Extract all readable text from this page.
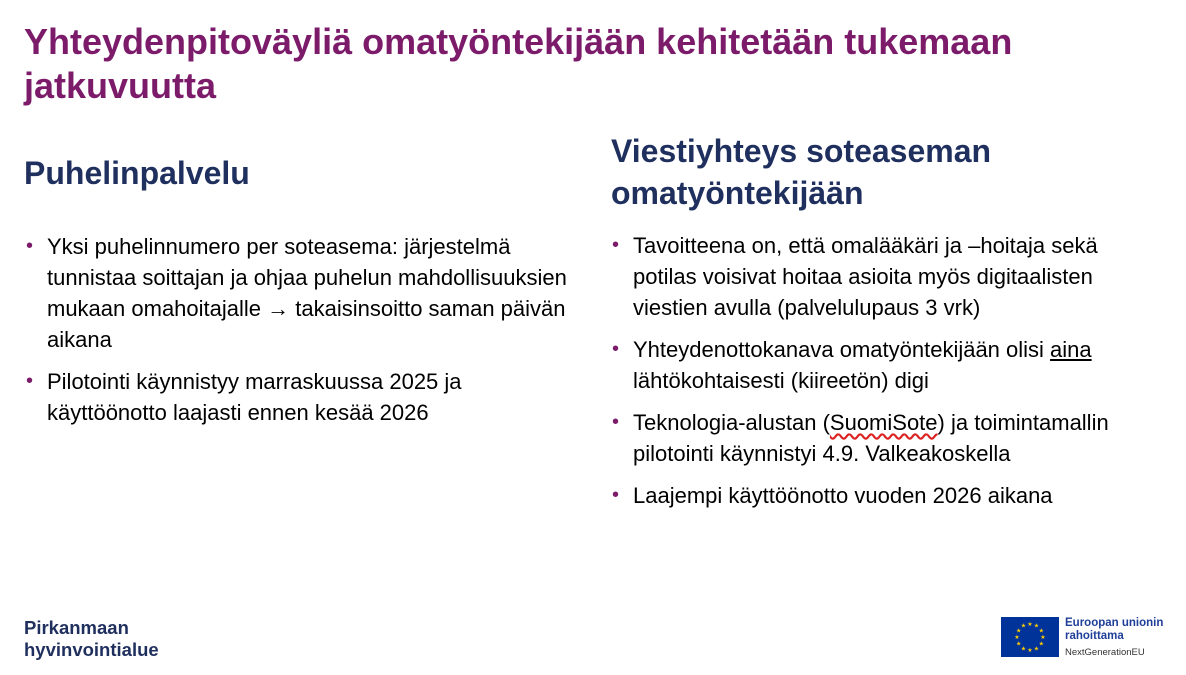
Yhteydenpitoväyliä omatyöntekijään kehitetään tukemaan jatkuvuutta
Puhelinpalvelu
• Yksi puhelinnumero per soteasema: järjestelmä tunnistaa soittajan ja ohjaa puhelun mahdollisuuksien mukaan omahoitajalle → takaisinsoitto saman päivän aikana
• Pilotointi käynnistyy marraskuussa 2025 ja käyttöönotto laajasti ennen kesää 2026
Viestiyhteys soteaseman omatyöntekijään
• Tavoitteena on, että omalääkäri ja –hoitaja sekä potilas voisivat hoitaa asioita myös digitaalisten viestien avulla (palvelulupaus 3 vrk)
• Yhteydenottokanava omatyöntekijään olisi aina lähtökohtaisesti (kiireetön) digi
• Teknologia-alustan (SuomiSote) ja toimintamallin pilotointi käynnistyi 4.9. Valkeakoskella
• Laajempi käyttöönotto vuoden 2026 aikana
Pirkanmaan
hyvinvointialue
★ ★
★
★
★
★
★
★
★
★
★
★	Euroopan unionin
rahoittama
NextGenerationEU
